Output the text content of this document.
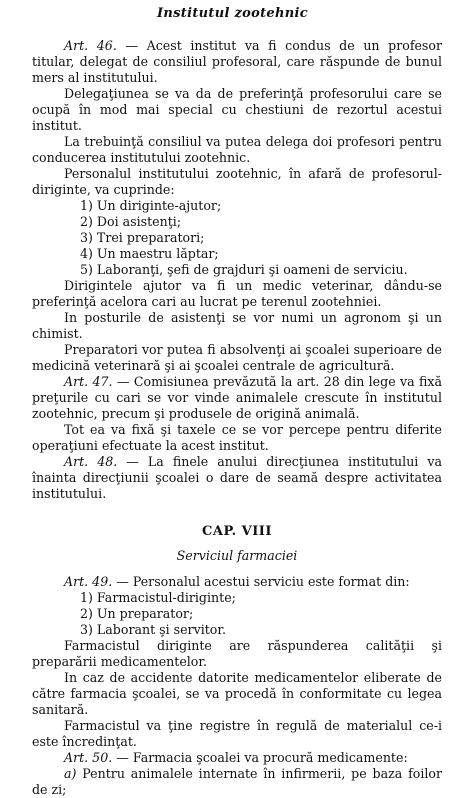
Institutul zootehnic

Art. 46. — Acest institut va fi condus de un profesor titular, delegat de consiliul profesoral, care răspunde de bunul mers al institutului.

Delegaţiunea se va da de preferinţă profesorului care se ocupă în mod mai special cu chestiuni de rezortul acestui institut.

La trebuinţă consiliul va putea delega doi profesori pentru conducerea institutului zootehnic.

Personalul institutului zootehnic, în afară de profesorul-diriginte, va cuprinde:

1) Un diriginte-ajutor;

2) Doi asistenţi;

3) Trei preparatori;

4) Un maestru lăptar;

5) Laboranţi, şefi de grajduri şi oameni de serviciu.

Dirigintele ajutor va fi un medic veterinar, dându-se preferinţă acelora cari au lucrat pe terenul zootehniei.

In posturile de asistenţi se vor numi un agronom şi un chimist.

Preparatori vor putea fi absolvenţi ai şcoalei superioare de medicină veterinară şi ai şcoalei centrale de agricultură.

Art. 47. — Comisiunea prevăzută la art. 28 din lege va fixă preţurile cu cari se vor vinde animalele crescute în institutul zootehnic, precum şi produsele de origină animală.

Tot ea va fixă şi taxele ce se vor percepe pentru diferite operaţiuni efectuate la acest institut.

Art. 48. — La finele anului direcţiunea institutului va înainta direcţiunii şcoalei o dare de seamă despre activitatea institutului.

CAP. VIII
Serviciul farmaciei

Art. 49. — Personalul acestui serviciu este format din:

1) Farmacistul-diriginte;

2) Un preparator;

3) Laborant şi servitor.

Farmacistul diriginte are răspunderea calităţii şi preparării medicamentelor.

In caz de accidente datorite medicamentelor eliberate de către farmacia şcoalei, se va procedă în conformitate cu legea sanitară.

Farmacistul va ţine registre în regulă de materialul ce-i este încredinţat.

Art. 50. — Farmacia şcoalei va procură medicamente:

a) Pentru animalele internate în infirmerii, pe baza foilor de zi;
